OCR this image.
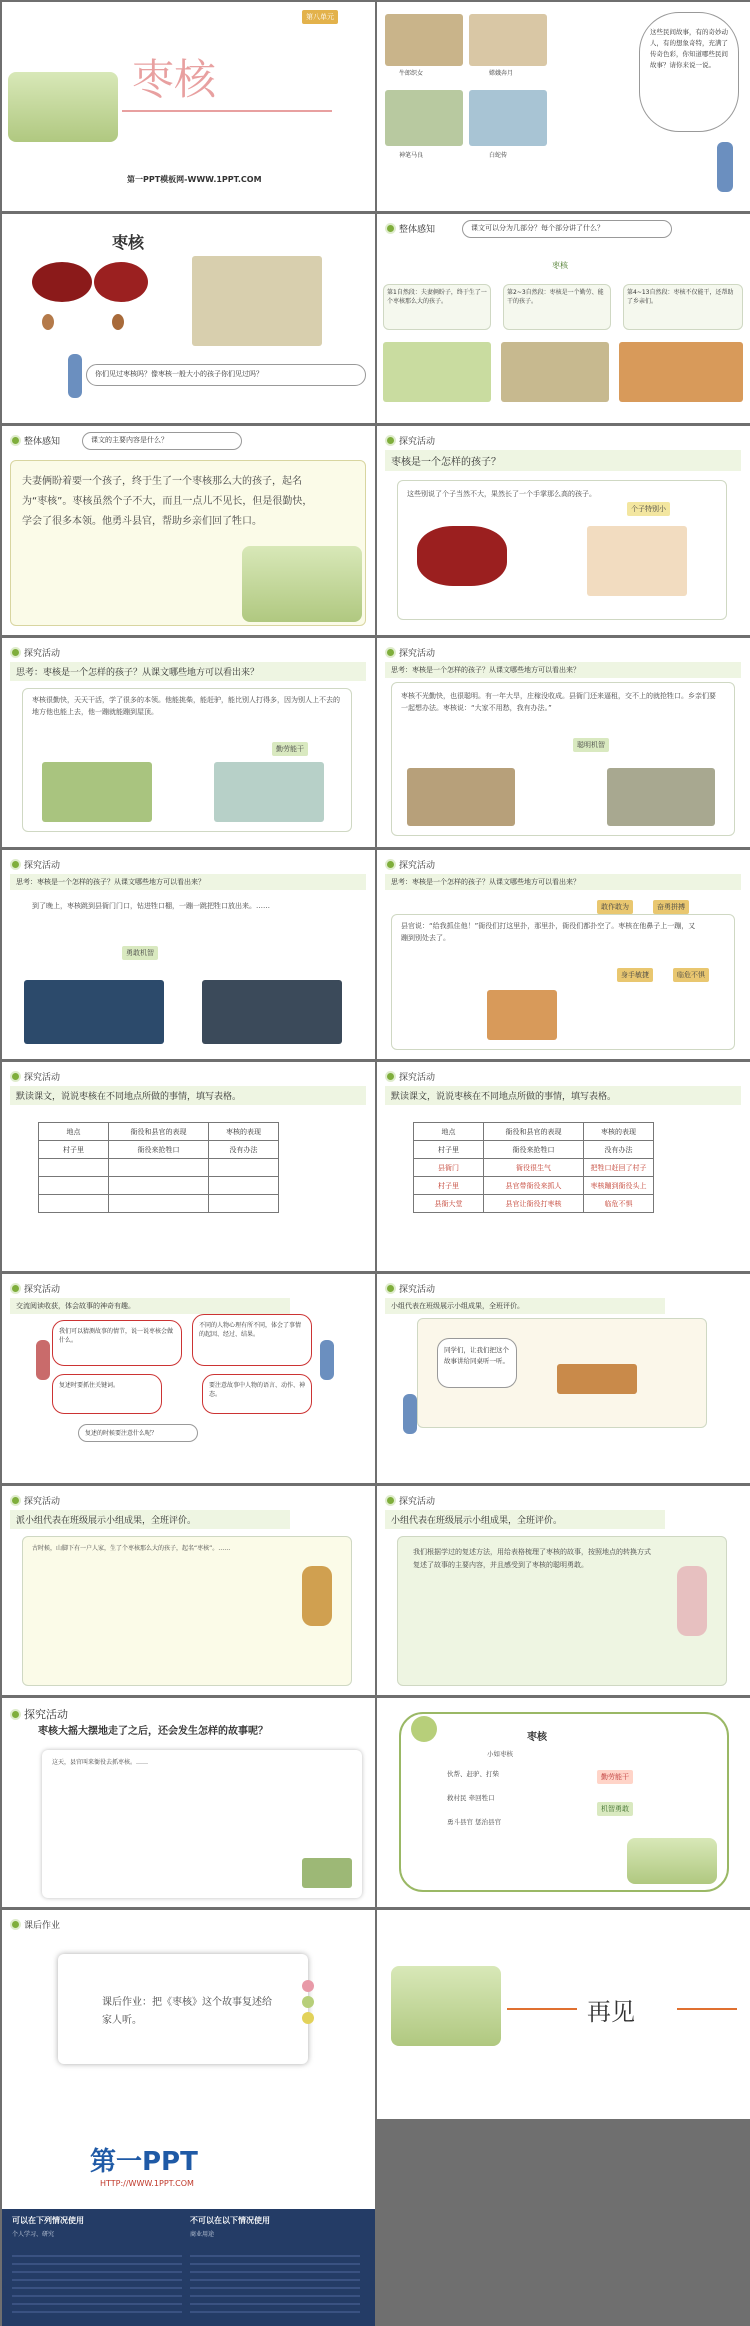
第八单元
枣核
第一PPT模板网-WWW.1PPT.COM
牛郎织女	嫦娥奔月
神笔马良	白蛇传
这些民间故事，有的奇妙动人，有的想象奇特，充满了传奇色彩，你知道哪些民间故事？请你来说一说。
枣核
你们见过枣核吗？像枣核一般大小的孩子你们见过吗？
整体感知	课文可以分为几部分？每个部分讲了什么？
枣核
第1自然段：夫妻俩盼子，终于生了一个枣核那么大的孩子。
第2~3自然段：枣核是一个勤劳、能干的孩子。
第4~13自然段：枣核不仅能干，还帮助了乡亲们。
整体感知	课文的主要内容是什么？
夫妻俩盼着要一个孩子，终于生了一个枣核那么大的孩子，起名为“枣核”。枣核虽然个子不大，而且一点儿不见长，但是很勤快，学会了很多本领。他勇斗县官，帮助乡亲们回了牲口。
探究活动
枣核是一个怎样的孩子？
这些别说了个子当然不大，果然长了一个手掌那么高的孩子。
个子特别小
探究活动
思考：枣核是一个怎样的孩子？从课文哪些地方可以看出来？
枣核很勤快，天天干活，学了很多的本领。他能挑柴，能赶驴，能比别人打得多，因为别人上不去的地方他也能上去，他一蹦就能蹦到屋顶。
勤劳能干
探究活动
思考：枣核是一个怎样的孩子？从课文哪些地方可以看出来？
枣核不光勤快，也很聪明。有一年大旱，庄稼没收成。县衙门还来逼租，交不上的就抢牲口。乡亲们要一起想办法。枣核说：“大家不用愁，我有办法。”
聪明机智
探究活动
思考：枣核是一个怎样的孩子？从课文哪些地方可以看出来？
到了晚上，枣核跳到县衙门门口，钻进牲口棚，一蹦一跳把牲口放出来。……
勇敢机智
探究活动
思考：枣核是一个怎样的孩子？从课文哪些地方可以看出来？
敢作敢为	奋勇拼搏
县官说：“给我抓住他！”衙役们打这里扑，那里扑，衙役们都扑空了。枣核在他鼻子上一蹦，又蹦到别处去了。
身手敏捷	临危不惧
探究活动
默读课文，说说枣核在不同地点所做的事情，填写表格。
地点	衙役和县官的表现	枣核的表现
村子里	衙役来抢牲口	没有办法

探究活动
默读课文，说说枣核在不同地点所做的事情，填写表格。
地点	衙役和县官的表现	枣核的表现
村子里	衙役来抢牲口	没有办法
县衙门	衙役很生气	把牲口赶回了村子
村子里	县官带衙役来抓人	枣核蹦到衙役头上
县衙大堂	县官让衙役打枣核	临危不惧
探究活动
交流阅读收获，体会故事的神奇有趣。
我们可以猜测故事的情节，说一说枣核会做什么。
不同的人物心理有所不同，体会了事情的起因、经过、结果。
复述时要抓住关键词。	要注意故事中人物的语言、动作、神态。
复述的时候要注意什么呢？
探究活动
小组代表在班级展示小组成果，全班评价。
同学们，让我们把这个故事讲给同桌听一听。
探究活动
派小组代表在班级展示小组成果，全班评价。
古时候，山脚下有一户人家，生了个枣核那么大的孩子，起名“枣核”。……
探究活动
小组代表在班级展示小组成果，全班评价。
我们根据学过的复述方法，用给表格梳理了枣核的故事，按照地点的转换方式复述了故事的主要内容，并且感受到了枣核的聪明勇敢。
探究活动
枣核大摇大摆地走了之后，还会发生怎样的故事呢？
这天，县官叫来衙役去抓枣核。……
枣核
小如枣核
伙帮、赶驴、打柴
救村民 牵回牲口
勇斗县官 惩治县官
勤劳能干
机智勇敢
课后作业
课后作业：把《枣核》这个故事复述给家人听。	再见
第一PPT
HTTP://WWW.1PPT.COM
可以在下列情况使用	不可以在以下情况使用
个人学习、研究	商业用途
